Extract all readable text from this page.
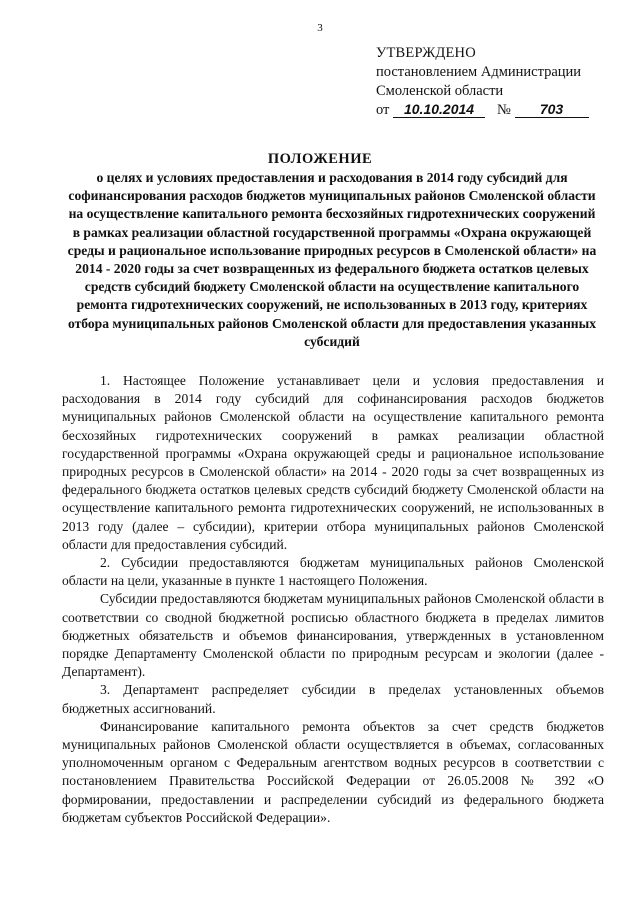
3
УТВЕРЖДЕНО
постановлением Администрации
Смоленской области
от 10.10.2014 № 703
ПОЛОЖЕНИЕ
о целях и условиях предоставления и расходования в 2014 году субсидий для софинансирования расходов бюджетов муниципальных районов Смоленской области на осуществление капитального ремонта бесхозяйных гидротехнических сооружений в рамках реализации областной государственной программы «Охрана окружающей среды и рациональное использование природных ресурсов в Смоленской области» на 2014 - 2020 годы за счет возвращенных из федерального бюджета остатков целевых средств субсидий бюджету Смоленской области на осуществление капитального ремонта гидротехнических сооружений, не использованных в 2013 году, критериях отбора муниципальных районов Смоленской области для предоставления указанных субсидий

1. Настоящее Положение устанавливает цели и условия предоставления и расходования в 2014 году субсидий для софинансирования расходов бюджетов муниципальных районов Смоленской области на осуществление капитального ремонта бесхозяйных гидротехнических сооружений в рамках реализации областной государственной программы «Охрана окружающей среды и рациональное использование природных ресурсов в Смоленской области» на 2014 - 2020 годы за счет возвращенных из федерального бюджета остатков целевых средств субсидий бюджету Смоленской области на осуществление капитального ремонта гидротехнических сооружений, не использованных в 2013 году (далее – субсидии), критерии отбора муниципальных районов Смоленской области для предоставления субсидий.

2. Субсидии предоставляются бюджетам муниципальных районов Смоленской области на цели, указанные в пункте 1 настоящего Положения.

Субсидии предоставляются бюджетам муниципальных районов Смоленской области в соответствии со сводной бюджетной росписью областного бюджета в пределах лимитов бюджетных обязательств и объемов финансирования, утвержденных в установленном порядке Департаменту Смоленской области по природным ресурсам и экологии (далее - Департамент).

3. Департамент распределяет субсидии в пределах установленных объемов бюджетных ассигнований.

Финансирование капитального ремонта объектов за счет средств бюджетов муниципальных районов Смоленской области осуществляется в объемах, согласованных уполномоченным органом с Федеральным агентством водных ресурсов в соответствии с постановлением Правительства Российской Федерации от 26.05.2008 № 392 «О формировании, предоставлении и распределении субсидий из федерального бюджета бюджетам субъектов Российской Федерации».
